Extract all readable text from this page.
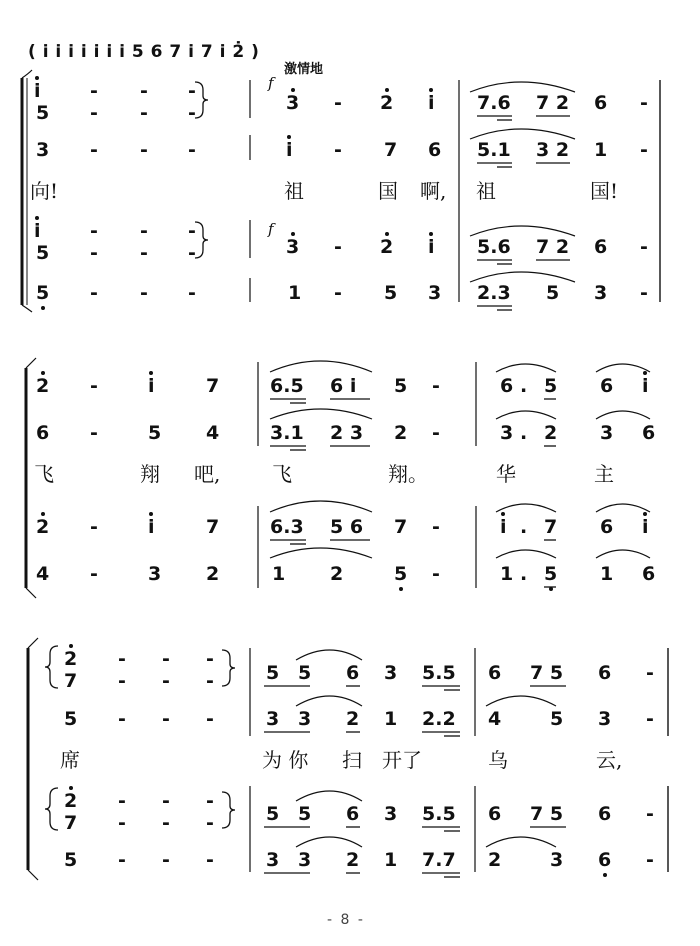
( i̇ i̇ i̇ i̇ i̇ i̇ i̇ 5 6 7 i̇ 7 i̇ 2̇ )
激情地
i	- - -
5 - - -
f
3 - 2 i 7.6 7 2 6 -
3 - - -	i - 7 6 5.1 3 2 1 -
向!	祖	国 啊, 祖	国!
i	- - -
5 - - -
f
3 - 2 i 5.6 7 2 6 -
5 - - -	1 - 5 3 2.3 5 3 -
2 -	i	7	6.5 6 i 5 -	6 . 5 6 i
6 -	5 4	3.1 2 3 2 -	3 . 2 3 6
飞	翔 吧,	飞	翔。	华	主
2 -	i	7	6.3 5 6 7 -	i . 7 6 i
4 -	3 2	1 2	5 -	1 . 5 1 6
2 - - -
7 - - -	5 5 6 3 5.5 6 7 5 6 -
5 - - -	3 3 2 1 2.2 4	5 3 -
席	为 你 扫 开了	乌	云,
2 - - -
7 - - -	5 5 6 3 5.5 6 7 5 6 -
5 - - -	3 3 2 1 7.7 2	3 6 -
- 8 -
